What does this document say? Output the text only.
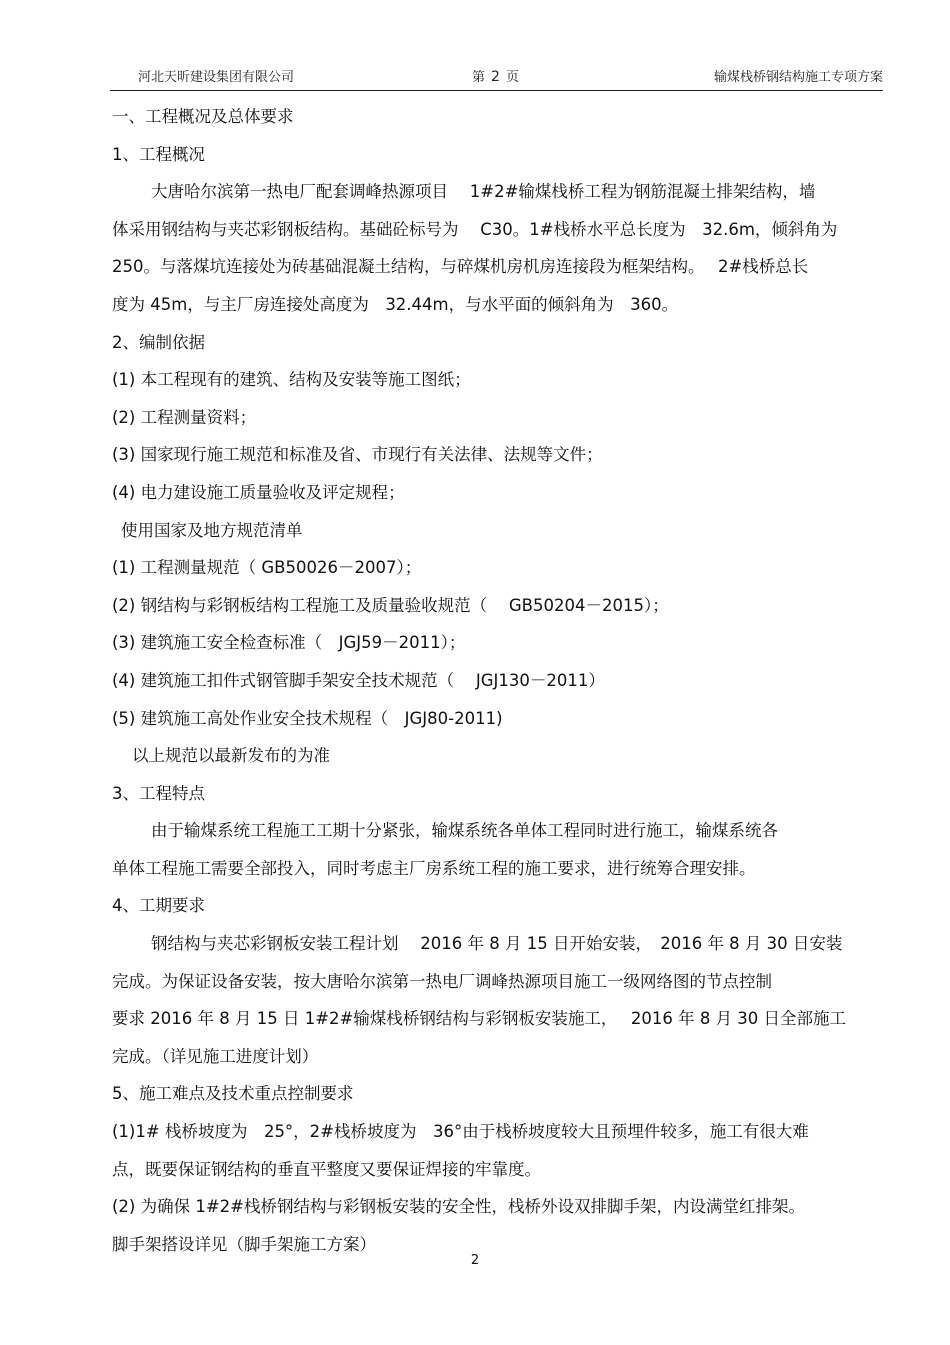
河北天昕建设集团有限公司	第 2 页	输煤栈桥钢结构施工专项方案
一、工程概况及总体要求
1、工程概况
大唐哈尔滨第一热电厂配套调峰热源项目　 1#2#输煤栈桥工程为钢筋混凝土排架结构，墙
体采用钢结构与夹芯彩钢板结构。基础砼标号为　 C30。1#栈桥水平总长度为　32.6m，倾斜角为
250。与落煤坑连接处为砖基础混凝土结构，与碎煤机房机房连接段为框架结构。　 2#栈桥总长
度为 45m，与主厂房连接处高度为　32.44m，与水平面的倾斜角为　360。
2、编制依据
(1) 本工程现有的建筑、结构及安装等施工图纸；
(2) 工程测量资料；
(3) 国家现行施工规范和标准及省、市现行有关法律、法规等文件；
(4) 电力建设施工质量验收及评定规程；
使用国家及地方规范清单
(1) 工程测量规范（ GB50026－2007）；
(2) 钢结构与彩钢板结构工程施工及质量验收规范（　 GB50204－2015）；
(3) 建筑施工安全检查标准（　JGJ59－2011）；
(4) 建筑施工扣件式钢管脚手架安全技术规范（　 JGJ130－2011）
(5) 建筑施工高处作业安全技术规程（　JGJ80-2011)
以上规范以最新发布的为准
3、工程特点
由于输煤系统工程施工工期十分紧张，输煤系统各单体工程同时进行施工，输煤系统各
单体工程施工需要全部投入，同时考虑主厂房系统工程的施工要求，进行统筹合理安排。
4、工期要求
钢结构与夹芯彩钢板安装工程计划　 2016 年 8 月 15 日开始安装，　2016 年 8 月 30 日安装
完成。为保证设备安装，按大唐哈尔滨第一热电厂调峰热源项目施工一级网络图的节点控制
要求 2016 年 8 月 15 日 1#2#输煤栈桥钢结构与彩钢板安装施工，　 2016 年 8 月 30 日全部施工
完成。（详见施工进度计划）
5、施工难点及技术重点控制要求
(1)1# 栈桥坡度为　25°，2#栈桥坡度为　36°由于栈桥坡度较大且预埋件较多，施工有很大难
点，既要保证钢结构的垂直平整度又要保证焊接的牢靠度。
(2) 为确保 1#2#栈桥钢结构与彩钢板安装的安全性，栈桥外设双排脚手架，内设满堂红排架。
脚手架搭设详见（脚手架施工方案）
2
